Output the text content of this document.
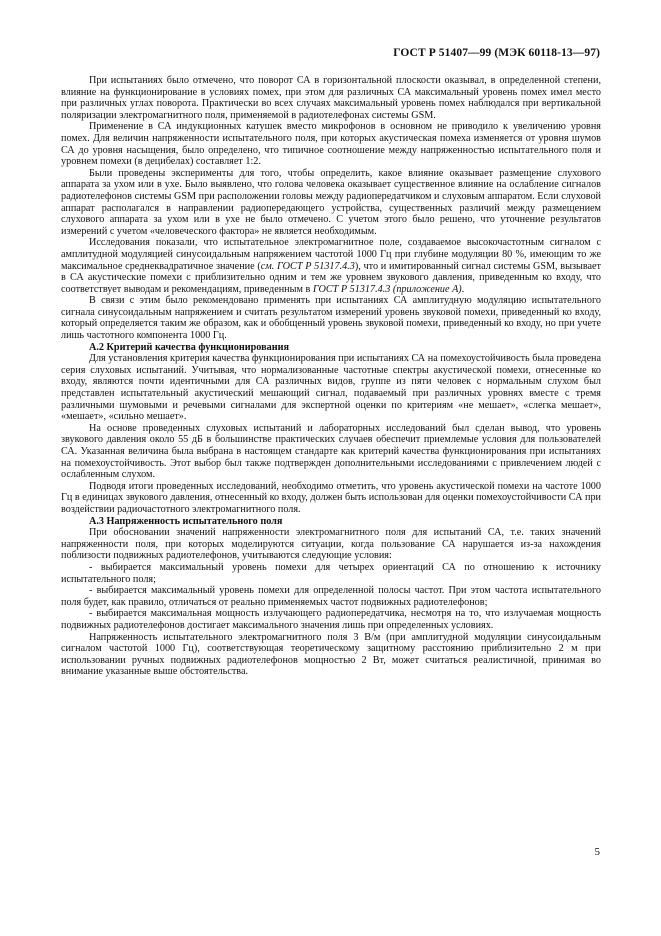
ГОСТ Р 51407—99 (МЭК 60118-13—97)

При испытаниях было отмечено, что поворот СА в горизонтальной плоскости оказывал, в определенной степени, влияние на функционирование в условиях помех, при этом для различных СА максимальный уровень помех имел место при различных углах поворота. Практически во всех случаях максимальный уровень помех наблюдался при вертикальной поляризации электромагнитного поля, применяемой в радиотелефонах системы GSM.

Применение в СА индукционных катушек вместо микрофонов в основном не приводило к увеличению уровня помех. Для величин напряженности испытательного поля, при которых акустическая помеха изменяется от уровня шумов СА до уровня насыщения, было определено, что типичное соотношение между напряженностью испытательного поля и уровнем помехи (в децибелах) составляет 1:2.

Были проведены эксперименты для того, чтобы определить, какое влияние оказывает размещение слухового аппарата за ухом или в ухе. Было выявлено, что голова человека оказывает существенное влияние на ослабление сигналов радиотелефонов системы GSM при расположении головы между радиопередатчиком и слуховым аппаратом. Если слуховой аппарат располагался в направлении радиопередающего устройства, существенных различий между размещением слухового аппарата за ухом или в ухе не было отмечено. С учетом этого было решено, что уточнение результатов измерений с учетом «человеческого фактора» не является необходимым.

Исследования показали, что испытательное электромагнитное поле, создаваемое высокочастотным сигналом с амплитудной модуляцией синусоидальным напряжением частотой 1000 Гц при глубине модуляции 80 %, имеющим то же максимальное среднеквадратичное значение (см. ГОСТ Р 51317.4.3), что и имитированный сигнал системы GSM, вызывает в СА акустические помехи с приблизительно одним и тем же уровнем звукового давления, приведенным ко входу, что соответствует выводам и рекомендациям, приведенным в ГОСТ Р 51317.4.3 (приложение А).

В связи с этим было рекомендовано применять при испытаниях СА амплитудную модуляцию испытательного сигнала синусоидальным напряжением и считать результатом измерений уровень звуковой помехи, приведенный ко входу, который определяется таким же образом, как и обобщенный уровень звуковой помехи, приведенный ко входу, но при учете лишь частотного компонента 1000 Гц.

А.2 Критерий качества функционирования

Для установления критерия качества функционирования при испытаниях СА на помехоустойчивость была проведена серия слуховых испытаний. Учитывая, что нормализованные частотные спектры акустической помехи, отнесенные ко входу, являются почти идентичными для СА различных видов, группе из пяти человек с нормальным слухом был представлен испытательный акустический мешающий сигнал, подаваемый при различных уровнях вместе с тремя различными шумовыми и речевыми сигналами для экспертной оценки по критериям «не мешает», «слегка мешает», «мешает», «сильно мешает».

На основе проведенных слуховых испытаний и лабораторных исследований был сделан вывод, что уровень звукового давления около 55 дБ в большинстве практических случаев обеспечит приемлемые условия для пользователей СА. Указанная величина была выбрана в настоящем стандарте как критерий качества функционирования при испытаниях на помехоустойчивость. Этот выбор был также подтвержден дополнительными исследованиями с привлечением людей с ослабленным слухом.

Подводя итоги проведенных исследований, необходимо отметить, что уровень акустической помехи на частоте 1000 Гц в единицах звукового давления, отнесенный ко входу, должен быть использован для оценки помехоустойчивости СА при воздействии радиочастотного электромагнитного поля.

А.3 Напряженность испытательного поля

При обосновании значений напряженности электромагнитного поля для испытаний СА, т.е. таких значений напряженности поля, при которых моделируются ситуации, когда пользование СА нарушается из-за нахождения поблизости подвижных радиотелефонов, учитываются следующие условия:

- выбирается максимальный уровень помехи для четырех ориентаций СА по отношению к источнику испытательного поля;

- выбирается максимальный уровень помехи для определенной полосы частот. При этом частота испытательного поля будет, как правило, отличаться от реально применяемых частот подвижных радиотелефонов;

- выбирается максимальная мощность излучающего радиопередатчика, несмотря на то, что излучаемая мощность подвижных радиотелефонов достигает максимального значения лишь при определенных условиях.

Напряженность испытательного электромагнитного поля 3 В/м (при амплитудной модуляции синусоидальным сигналом частотой 1000 Гц), соответствующая теоретическому защитному расстоянию приблизительно 2 м при использовании ручных подвижных радиотелефонов мощностью 2 Вт, может считаться реалистичной, принимая во внимание указанные выше обстоятельства.

5
